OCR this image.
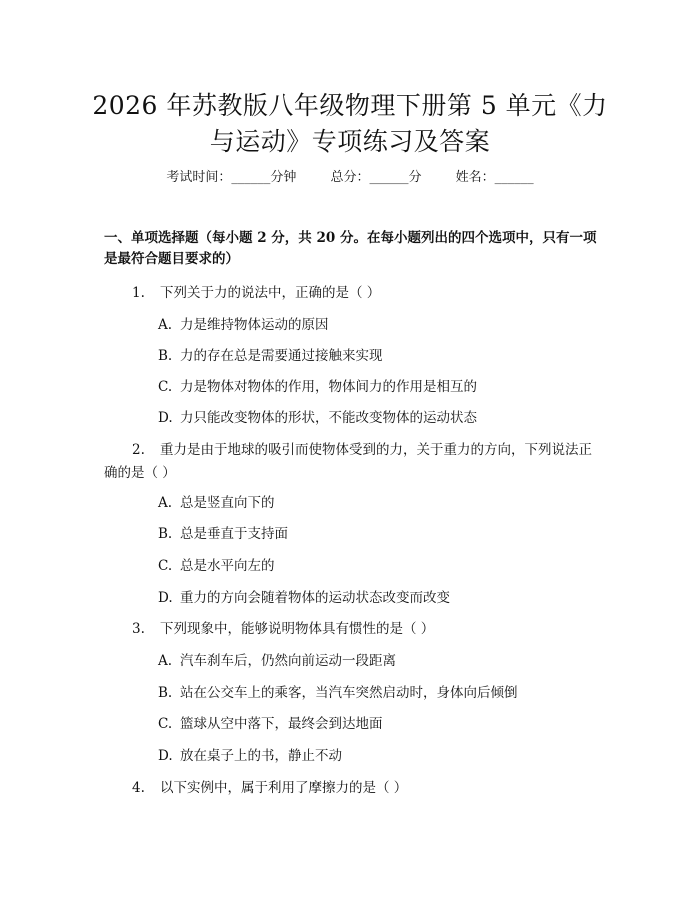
2026 年苏教版八年级物理下册第 5 单元《力
与运动》专项练习及答案
考试时间：______分钟	总分：______分	姓名：______

一、单项选择题（每小题 2 分，共 20 分。在每小题列出的四个选项中，只有一项是最符合题目要求的）

1. 下列关于力的说法中，正确的是（ ）

A. 力是维持物体运动的原因

B. 力的存在总是需要通过接触来实现

C. 力是物体对物体的作用，物体间力的作用是相互的

D. 力只能改变物体的形状，不能改变物体的运动状态

2. 重力是由于地球的吸引而使物体受到的力，关于重力的方向，下列说法正确的是（ ）

A. 总是竖直向下的

B. 总是垂直于支持面

C. 总是水平向左的

D. 重力的方向会随着物体的运动状态改变而改变

3. 下列现象中，能够说明物体具有惯性的是（ ）

A. 汽车刹车后，仍然向前运动一段距离

B. 站在公交车上的乘客，当汽车突然启动时，身体向后倾倒

C. 篮球从空中落下，最终会到达地面

D. 放在桌子上的书，静止不动

4. 以下实例中，属于利用了摩擦力的是（ ）
